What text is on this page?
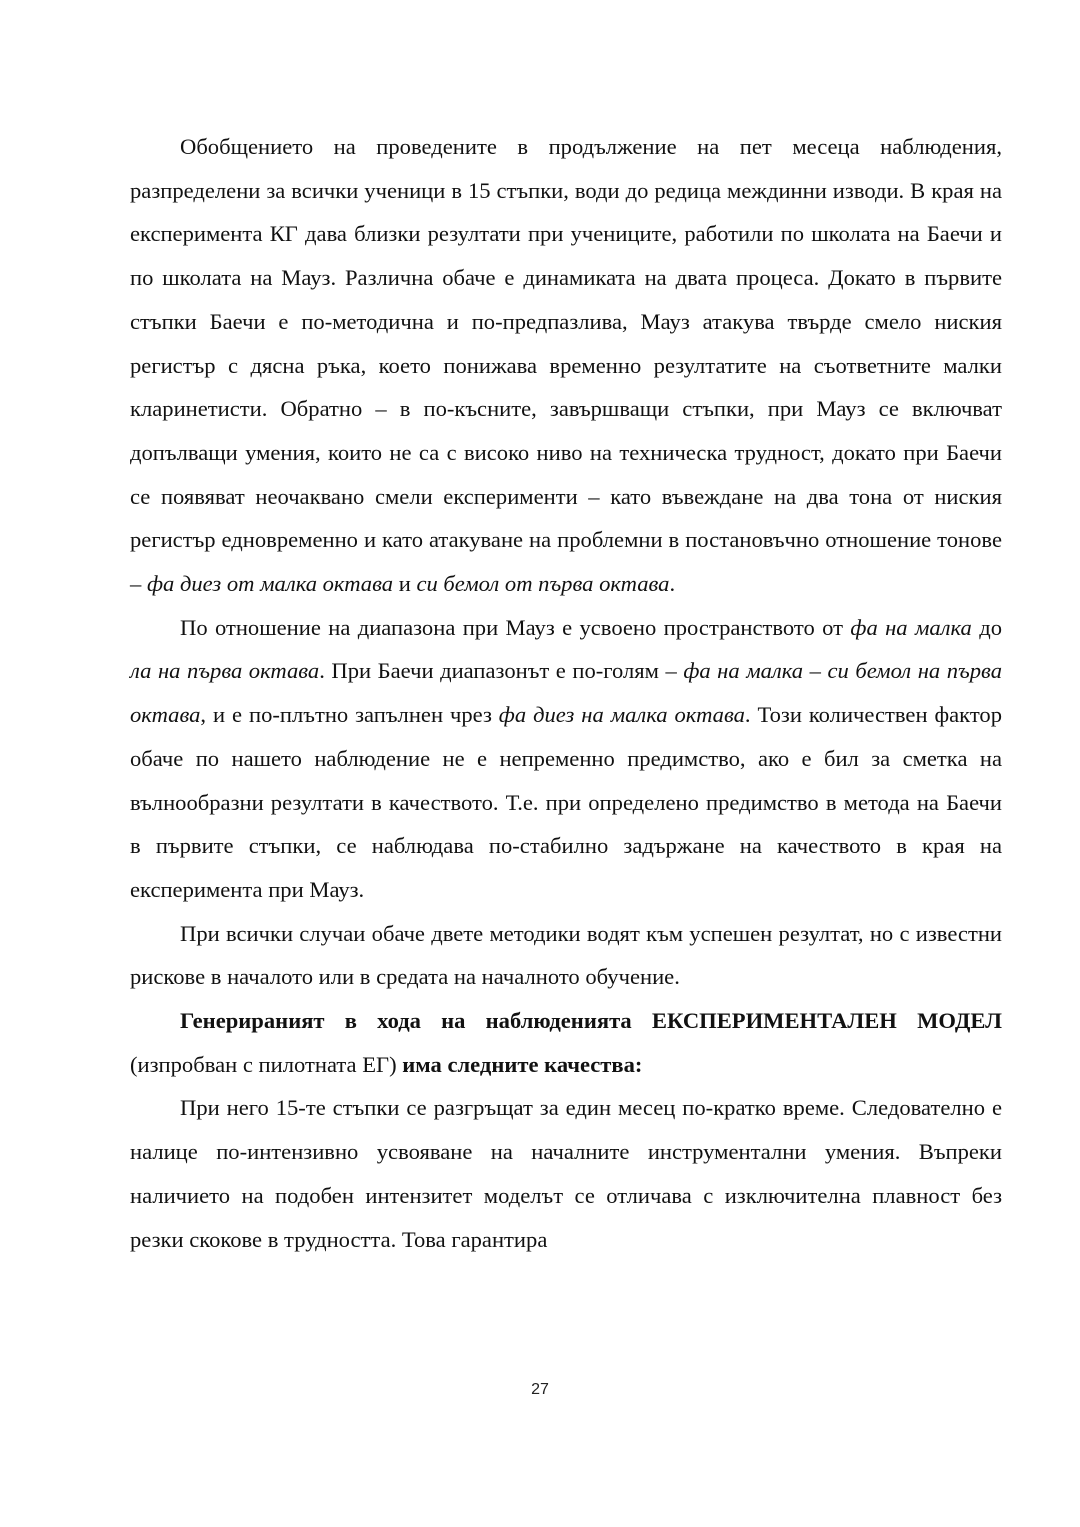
Обобщението на проведените в продължение на пет месеца наблюдения, разпределени за всички ученици в 15 стъпки, води до редица междинни изводи. В края на експеримента КГ дава близки резултати при учениците, работили по школата на Баечи и по школата на Мауз. Различна обаче е динамиката на двата процеса. Докато в първите стъпки Баечи е по-методична и по-предпазлива, Мауз атакува твърде смело ниския регистър с дясна ръка, което понижава временно резултатите на съответните малки кларинетисти. Обратно – в по-късните, завършващи стъпки, при Мауз се включват допълващи умения, които не са с високо ниво на техническа трудност, докато при Баечи се появяват неочаквано смели експерименти – като въвеждане на два тона от ниския регистър едновременно и като атакуване на проблемни в постановъчно отношение тонове – фа диез от малка октава и си бемол от първа октава.

По отношение на диапазона при Мауз е усвоено пространството от фа на малка до ла на първа октава. При Баечи диапазонът е по-голям – фа на малка – си бемол на първа октава, и е по-плътно запълнен чрез фа диез на малка октава. Този количествен фактор обаче по нашето наблюдение не е непременно предимство, ако е бил за сметка на вълнообразни резултати в качеството. Т.е. при определено предимство в метода на Баечи в първите стъпки, се наблюдава по-стабилно задържане на качеството в края на експеримента при Мауз.

При всички случаи обаче двете методики водят към успешен резултат, но с известни рискове в началото или в средата на началното обучение.

Генерираният в хода на наблюденията ЕКСПЕРИМЕНТАЛЕН МОДЕЛ (изпробван с пилотната ЕГ) има следните качества:

При него 15-те стъпки се разгръщат за един месец по-кратко време. Следователно е налице по-интензивно усвояване на началните инструментални умения. Въпреки наличието на подобен интензитет моделът се отличава с изключителна плавност без резки скокове в трудността. Това гарантира

27
